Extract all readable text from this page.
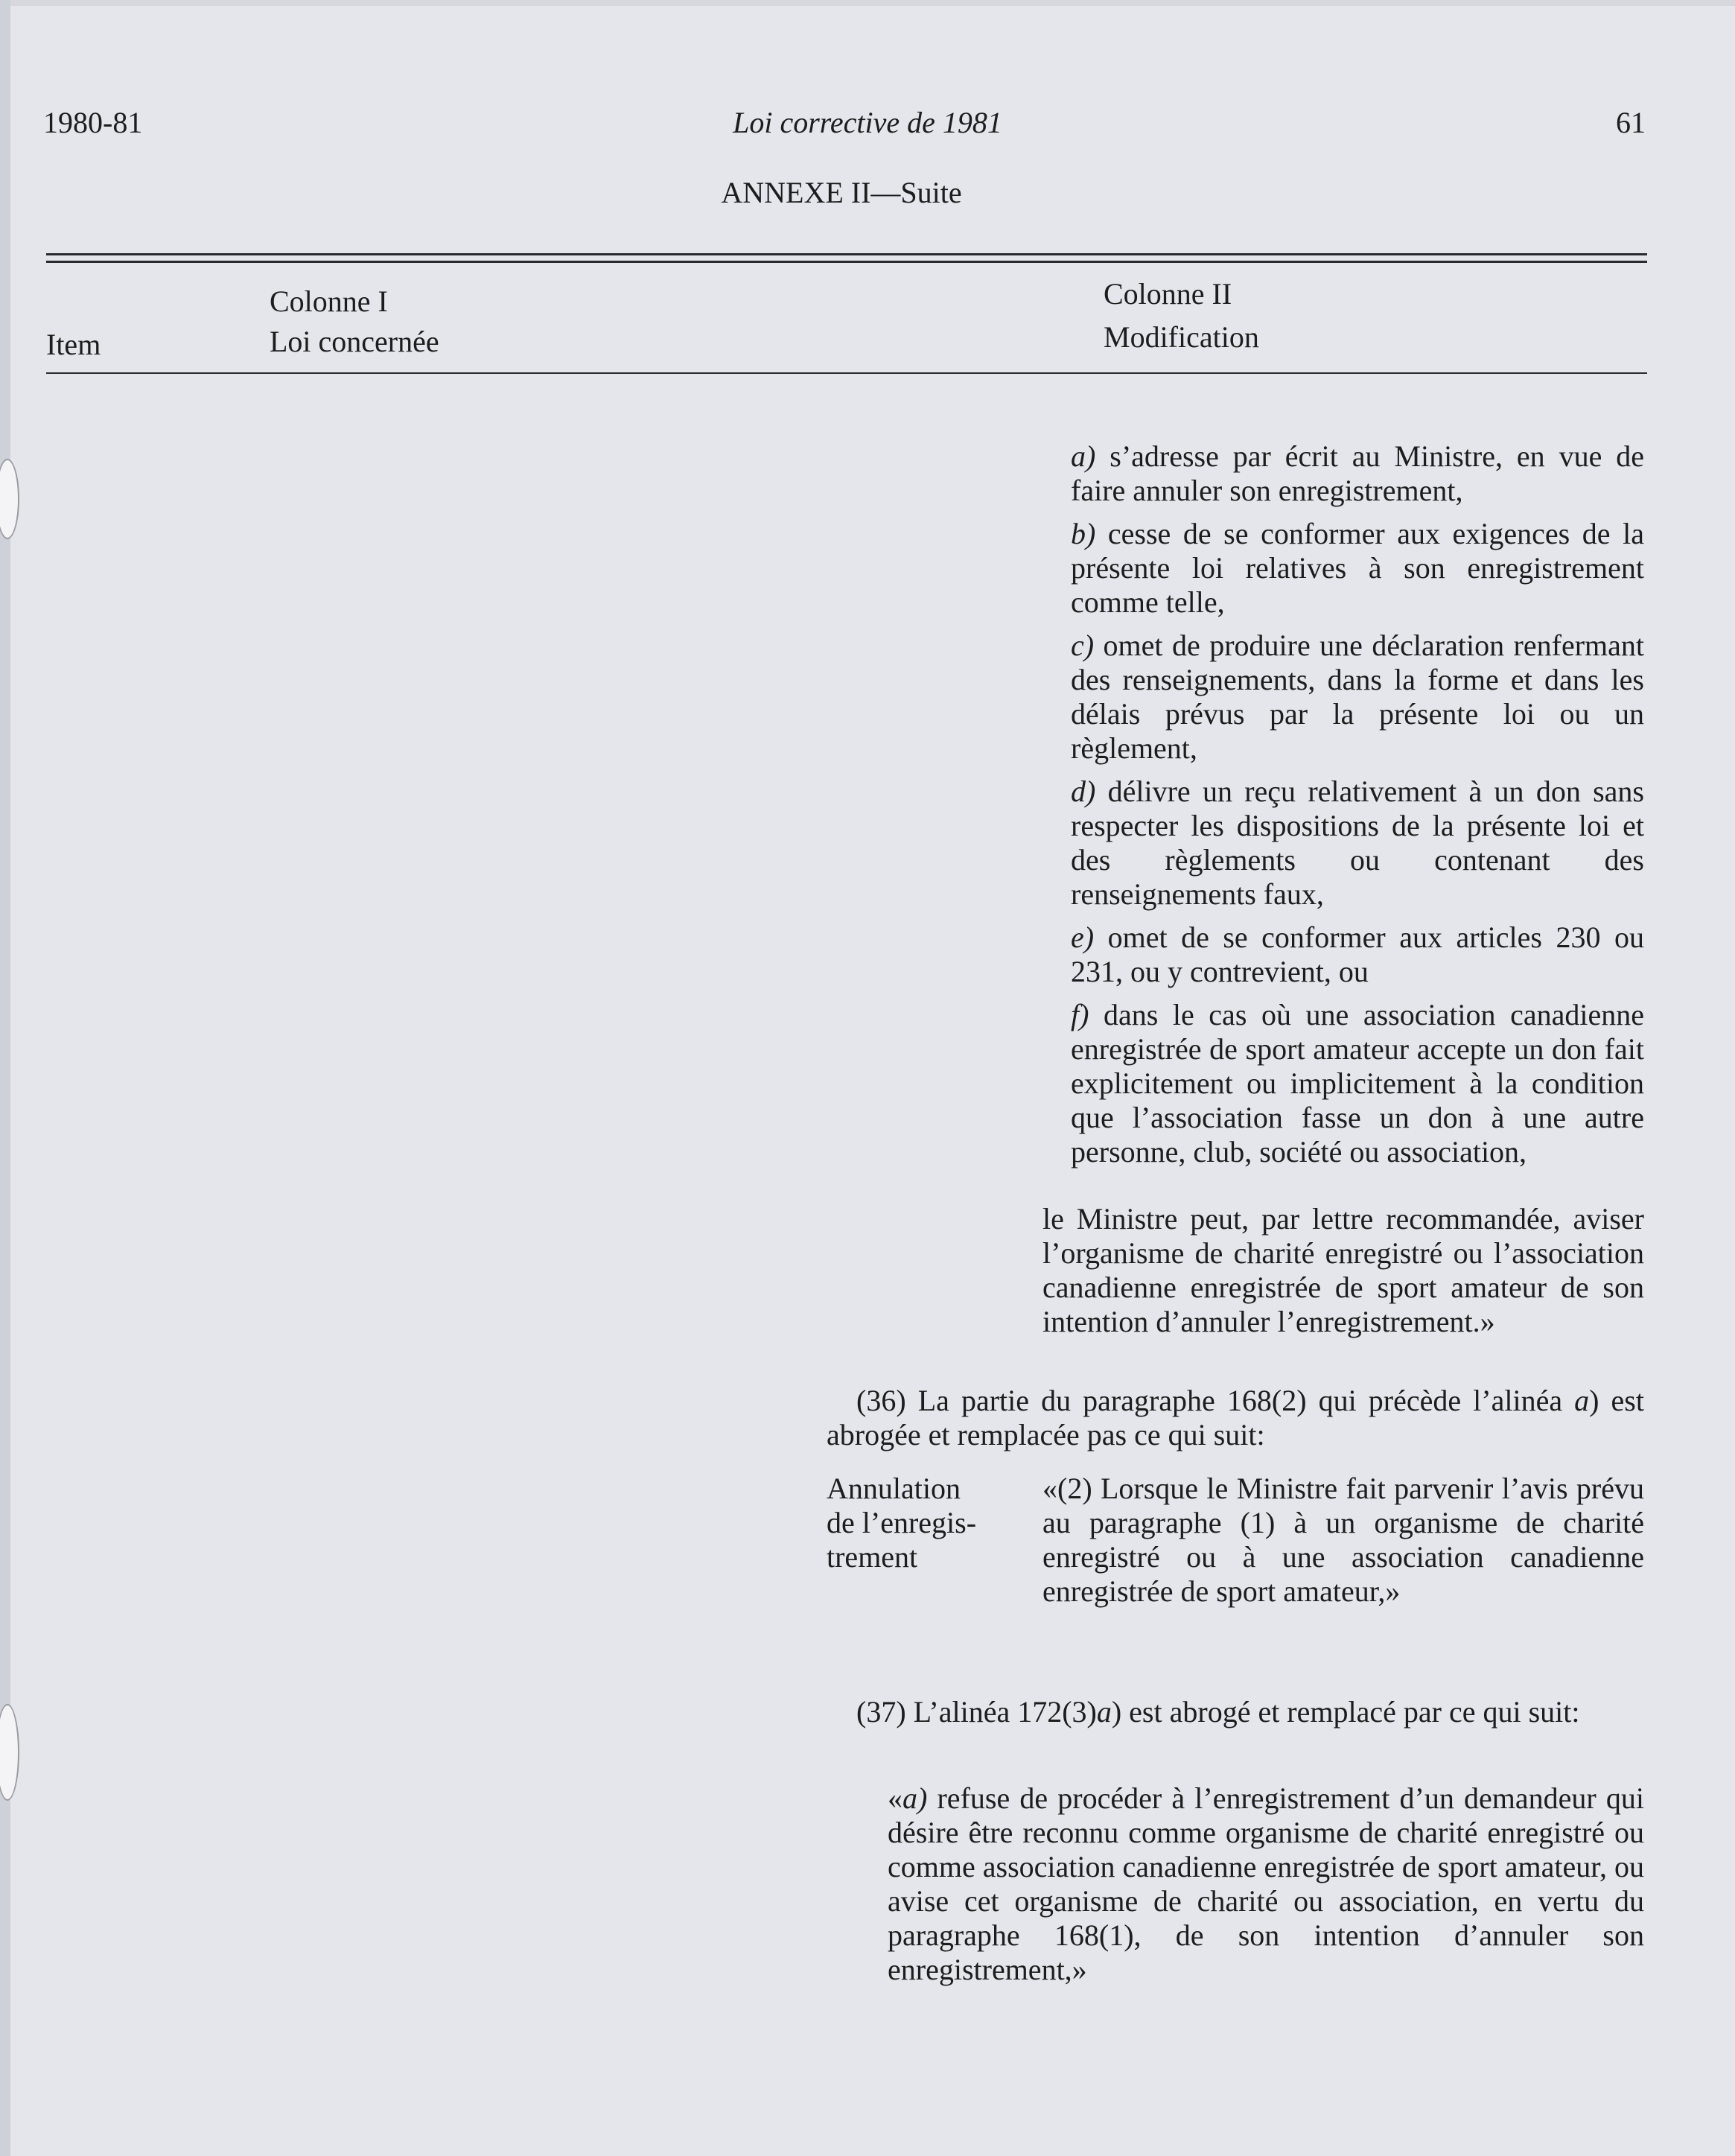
1980-81	Loi corrective de 1981	61
ANNEXE II—Suite
Item
Colonne I
Loi concernée
Colonne II
Modification
a) s’adresse par écrit au Ministre, en vue de faire annuler son enregistrement,
b) cesse de se conformer aux exigences de la présente loi relatives à son enregistrement comme telle,
c) omet de produire une déclaration renfermant des renseignements, dans la forme et dans les délais prévus par la présente loi ou un règlement,
d) délivre un reçu relativement à un don sans respecter les dispositions de la présente loi et des règlements ou contenant des renseignements faux,
e) omet de se conformer aux articles 230 ou 231, ou y contrevient, ou
f) dans le cas où une association canadienne enregistrée de sport amateur accepte un don fait explicitement ou implicitement à la condition que l’association fasse un don à une autre personne, club, société ou association,
le Ministre peut, par lettre recommandée, aviser l’organisme de charité enregistré ou l’association canadienne enregistrée de sport amateur de son intention d’annuler l’enregistrement.»
(36) La partie du paragraphe 168(2) qui précède l’alinéa a) est abrogée et remplacée pas ce qui suit:
Annulation
de l’enregis-
trement
«(2) Lorsque le Ministre fait parvenir l’avis prévu au paragraphe (1) à un organisme de charité enregistré ou à une association canadienne enregistrée de sport amateur,»
(37) L’alinéa 172(3)a) est abrogé et remplacé par ce qui suit:
«a) refuse de procéder à l’enregistrement d’un demandeur qui désire être reconnu comme organisme de charité enregistré ou comme association canadienne enregistrée de sport amateur, ou avise cet organisme de charité ou association, en vertu du paragraphe 168(1), de son intention d’annuler son enregistrement,»
